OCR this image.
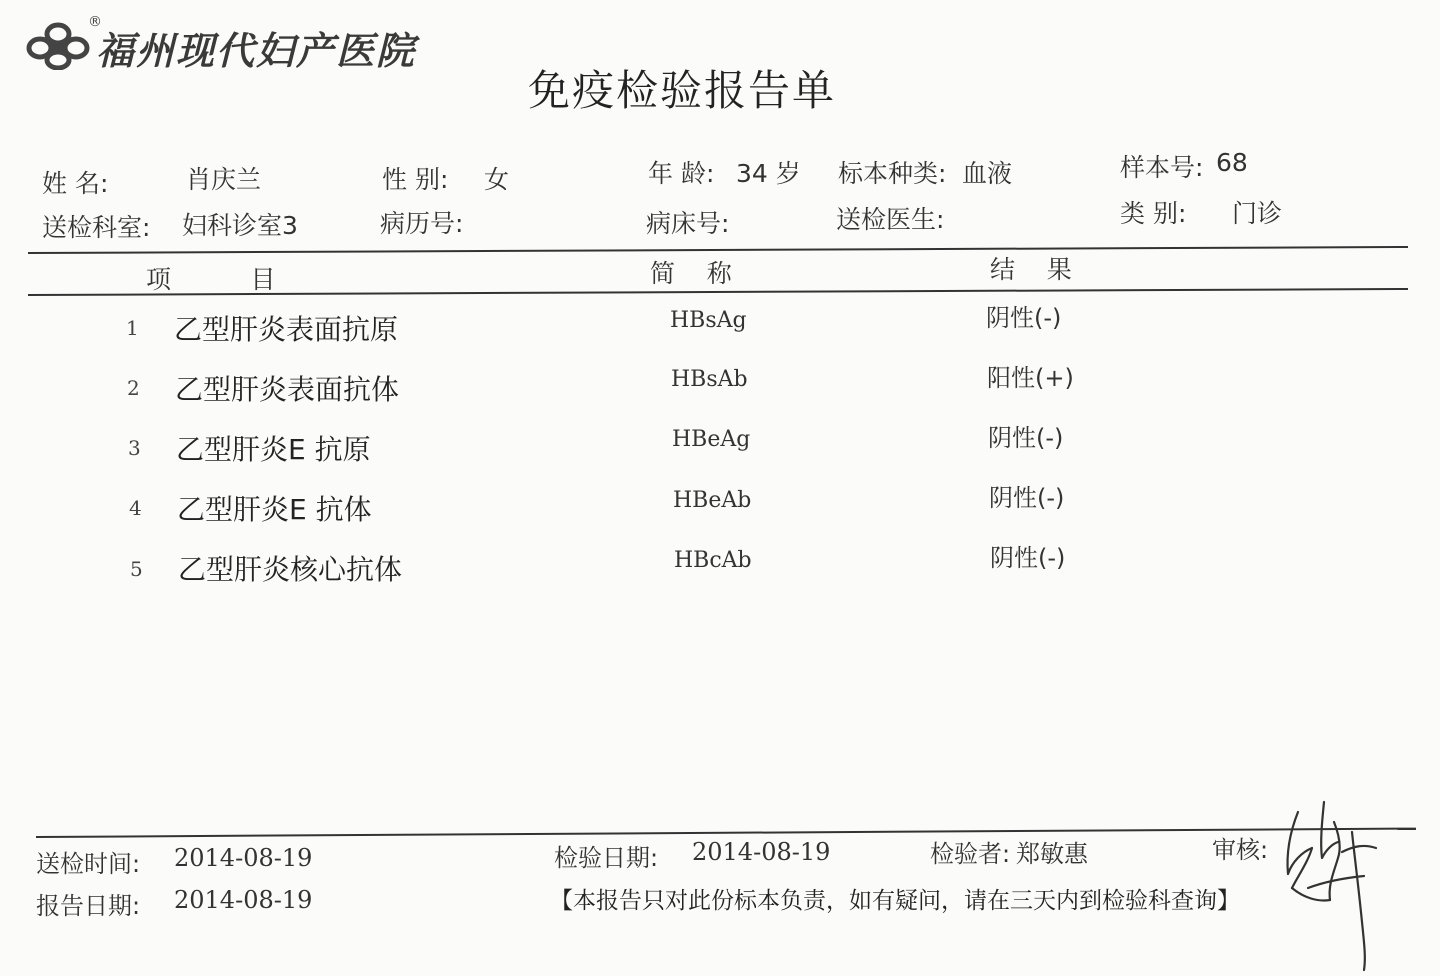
®
福州现代妇产医院
免疫检验报告单
姓 名:	肖庆兰	性 别: 女	年 龄: 34 岁 标本种类: 血液	样本号: 68
送检科室: 妇科诊室3	病历号:	病床号:	送检医生:	类 别: 门诊
项          目	简    称	结    果
1 乙型肝炎表面抗原	HBsAg	阴性(-)
2 乙型肝炎表面抗体	HBsAb	阳性(+)
3 乙型肝炎E 抗原	HBeAg	阴性(-)
4 乙型肝炎E 抗体	HBeAb	阴性(-)
5 乙型肝炎核心抗体	HBcAb	阴性(-)
送检时间: 2014-08-19	检验日期: 2014-08-19	检验者: 郑敏惠	审核:
报告日期: 2014-08-19	【本报告只对此份标本负责，如有疑问，请在三天内到检验科查询】
